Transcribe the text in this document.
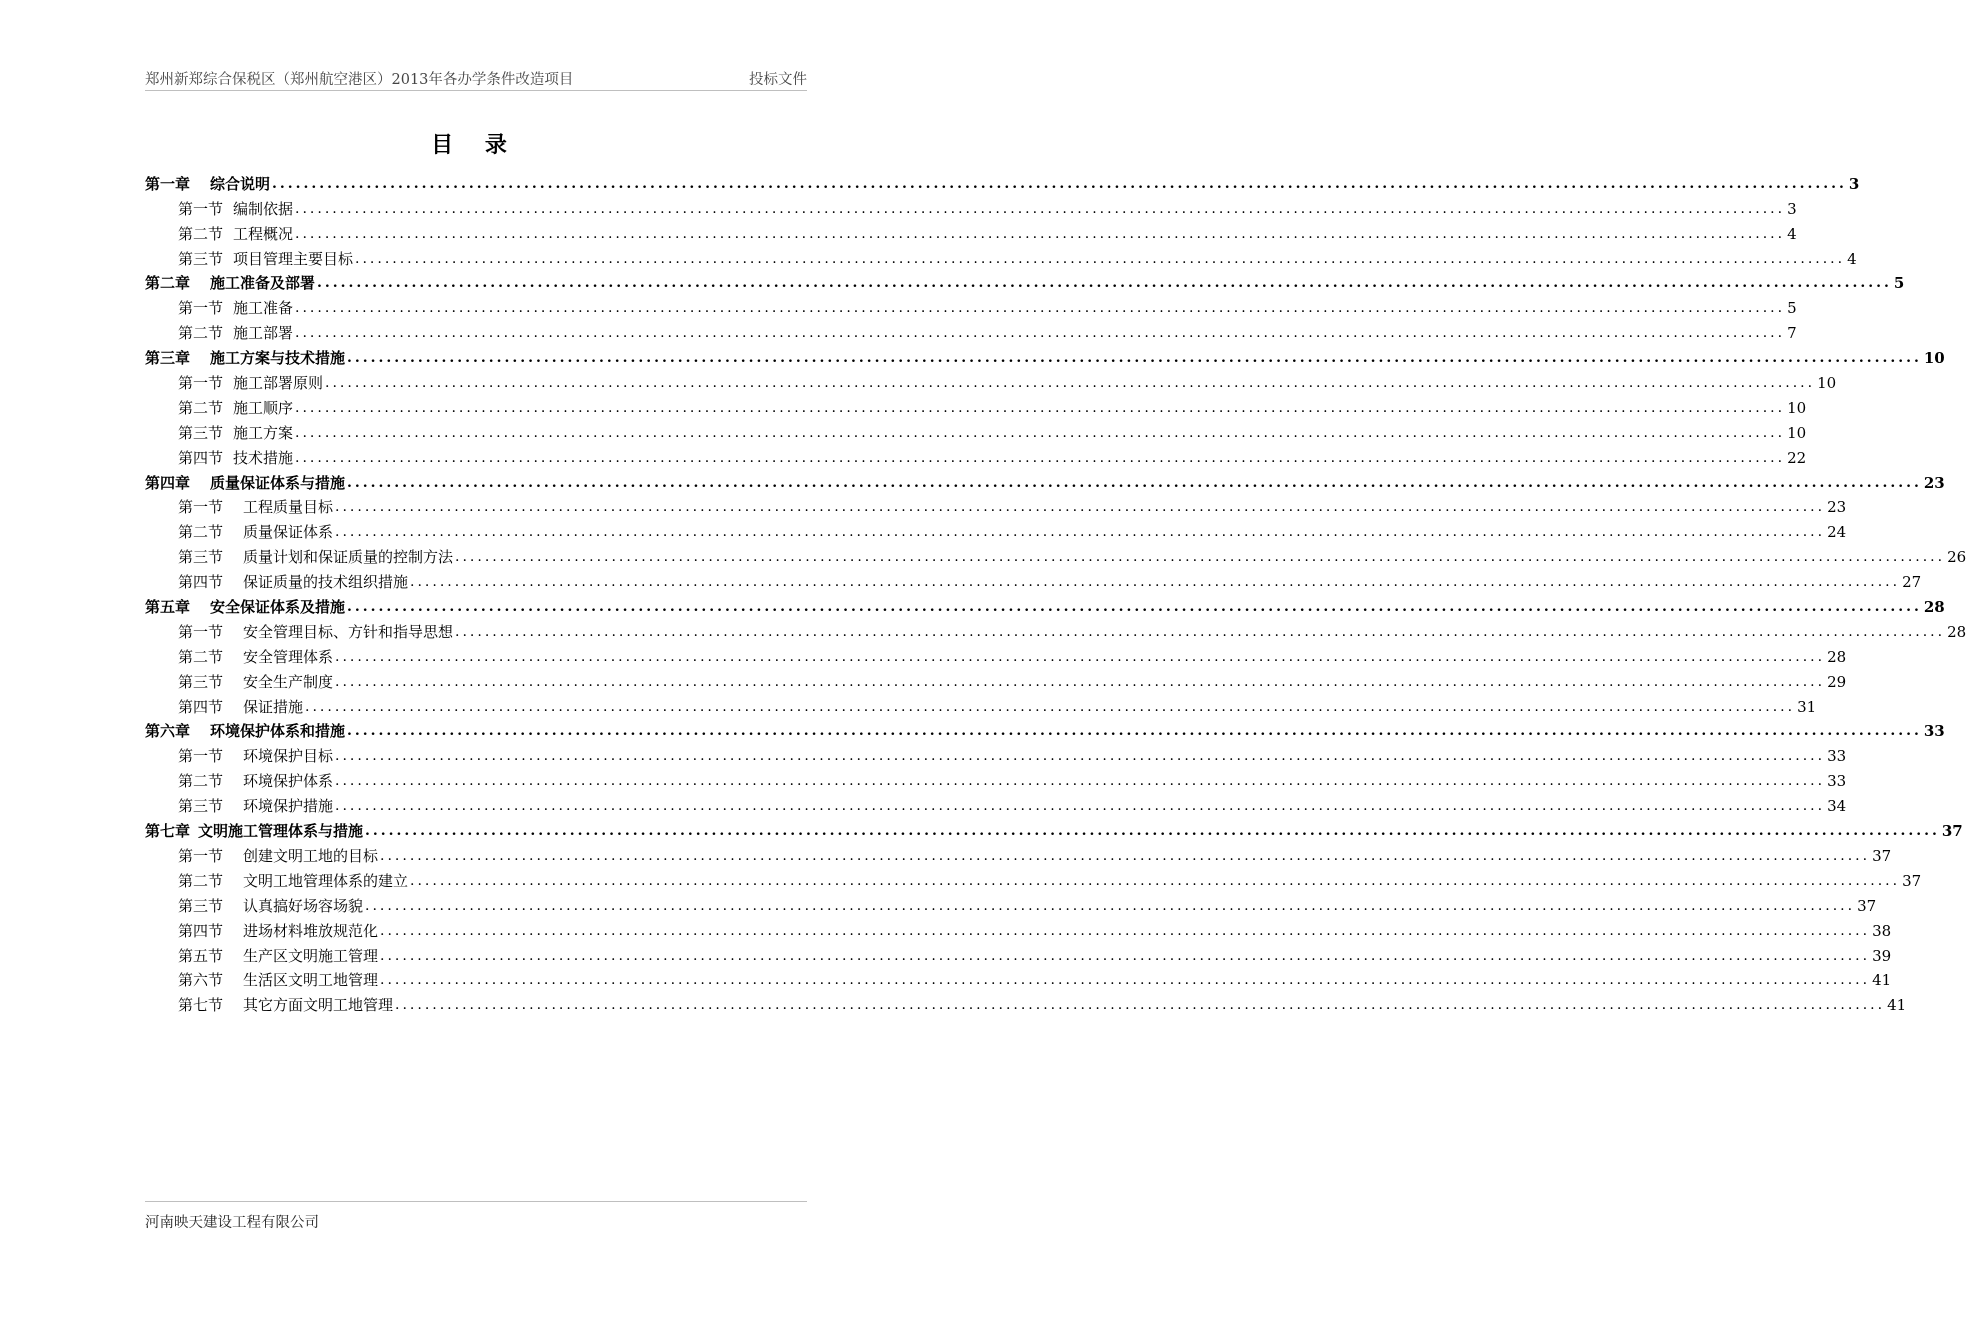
郑州新郑综合保税区（郑州航空港区）2013年各办学条件改造项目	投标文件
目 录
第一章 综合说明 ........................................................................................................................................................................................................ 3
第一节 编制依据 ........................................................................................................................................................................................................ 3
第二节 工程概况 ........................................................................................................................................................................................................ 4
第三节 项目管理主要目标 ........................................................................................................................................................................................................ 4
第二章 施工准备及部署 ........................................................................................................................................................................................................ 5
第一节 施工准备 ........................................................................................................................................................................................................ 5
第二节 施工部署 ........................................................................................................................................................................................................ 7
第三章 施工方案与技术措施 ........................................................................................................................................................................................................ 10
第一节 施工部署原则 ........................................................................................................................................................................................................ 10
第二节 施工顺序 ........................................................................................................................................................................................................ 10
第三节 施工方案 ........................................................................................................................................................................................................ 10
第四节 技术措施 ........................................................................................................................................................................................................ 22
第四章 质量保证体系与措施 ........................................................................................................................................................................................................ 23
第一节 工程质量目标 ........................................................................................................................................................................................................ 23
第二节 质量保证体系 ........................................................................................................................................................................................................ 24
第三节 质量计划和保证质量的控制方法 ........................................................................................................................................................................................................ 26
第四节 保证质量的技术组织措施 ........................................................................................................................................................................................................ 27
第五章 安全保证体系及措施 ........................................................................................................................................................................................................ 28
第一节 安全管理目标、方针和指导思想 ........................................................................................................................................................................................................ 28
第二节 安全管理体系 ........................................................................................................................................................................................................ 28
第三节 安全生产制度 ........................................................................................................................................................................................................ 29
第四节 保证措施 ........................................................................................................................................................................................................ 31
第六章 环境保护体系和措施 ........................................................................................................................................................................................................ 33
第一节 环境保护目标 ........................................................................................................................................................................................................ 33
第二节 环境保护体系 ........................................................................................................................................................................................................ 33
第三节 环境保护措施 ........................................................................................................................................................................................................ 34
第七章 文明施工管理体系与措施 ........................................................................................................................................................................................................ 37
第一节 创建文明工地的目标 ........................................................................................................................................................................................................ 37
第二节 文明工地管理体系的建立 ........................................................................................................................................................................................................ 37
第三节 认真搞好场容场貌 ........................................................................................................................................................................................................ 37
第四节 进场材料堆放规范化 ........................................................................................................................................................................................................ 38
第五节 生产区文明施工管理 ........................................................................................................................................................................................................ 39
第六节 生活区文明工地管理 ........................................................................................................................................................................................................ 41
第七节 其它方面文明工地管理 ........................................................................................................................................................................................................ 41
河南映天建设工程有限公司
